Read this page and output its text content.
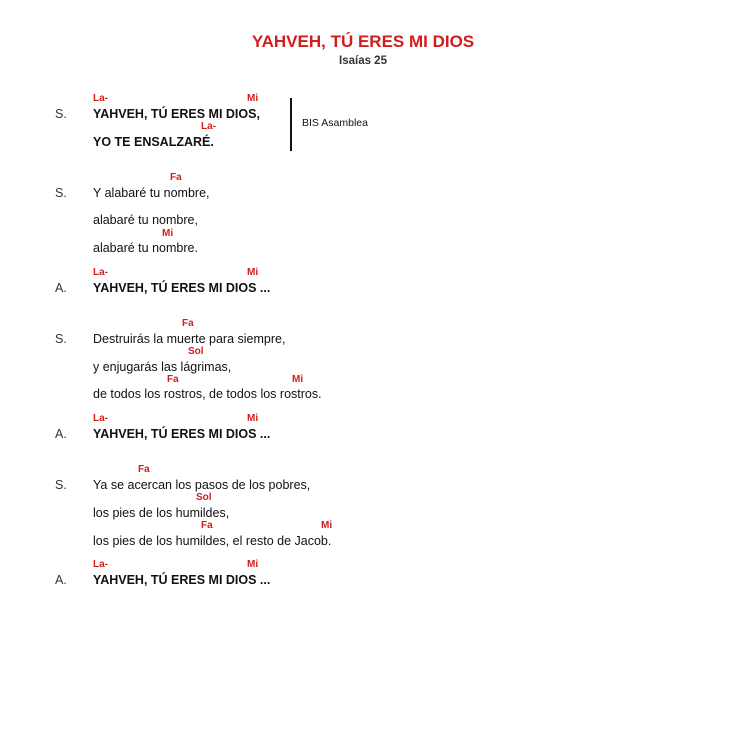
YAHVEH, TÚ ERES MI DIOS
Isaías 25
La-	Mi
S. YAHVEH, TÚ ERES MI DIOS,
La-
YO TE ENSALZARÉ.
BIS Asamblea
Fa
S. Y alabaré tu nombre,
alabaré tu nombre,
Mi
alabaré tu nombre.
La-	Mi
A. YAHVEH, TÚ ERES MI DIOS ...
Fa
S. Destruirás la muerte para siempre,
Sol
y enjugarás las lágrimas,
Fa	Mi
de todos los rostros, de todos los rostros.
La-	Mi
A. YAHVEH, TÚ ERES MI DIOS ...
Fa
S. Ya se acercan los pasos de los pobres,
Sol
los pies de los humildes,
Fa	Mi
los pies de los humildes, el resto de Jacob.
La-	Mi
A. YAHVEH, TÚ ERES MI DIOS ...
